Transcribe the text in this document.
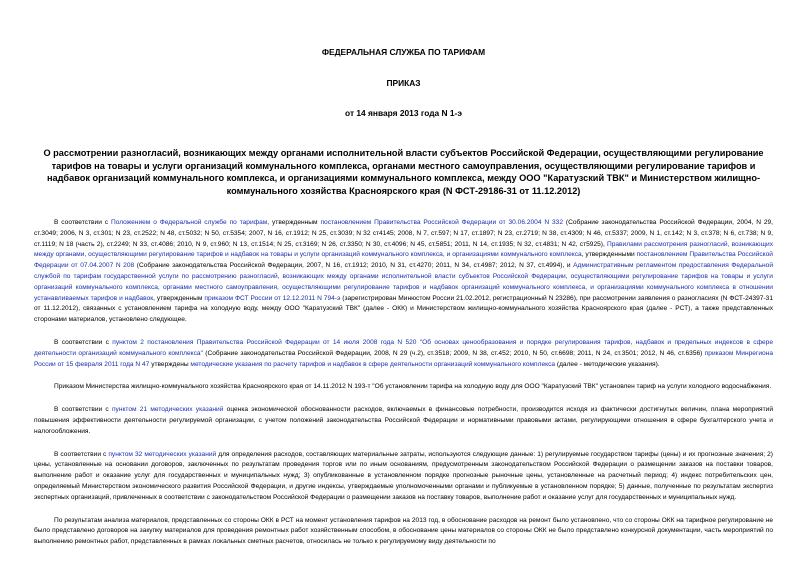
ФЕДЕРАЛЬНАЯ СЛУЖБА ПО ТАРИФАМ
ПРИКАЗ
от 14 января 2013 года N 1-э
О рассмотрении разногласий, возникающих между органами исполнительной власти субъектов Российской Федерации, осуществляющими регулирование тарифов на товары и услуги организаций коммунального комплекса, органами местного самоуправления, осуществляющими регулирование тарифов и надбавок организаций коммунального комплекса, и организациями коммунального комплекса, между ООО "Каратузский ТВК" и Министерством жилищно-коммунального хозяйства Красноярского края (N ФСТ-29186-31 от 11.12.2012)

В соответствии с Положением о Федеральной службе по тарифам, утвержденным постановлением Правительства Российской Федерации от 30.06.2004 N 332 (Собрание законодательства Российской Федерации, 2004, N 29, ст.3049; 2006, N 3, ст.301; N 23, ст.2522; N 48, ст.5032; N 50, ст.5354; 2007, N 16, ст.1912; N 25, ст.3039; N 32 ст4145; 2008, N 7, ст.597; N 17, ст.1897; N 23, ст.2719; N 38, ст.4309; N 46, ст.5337; 2009, N 1, ст.142; N 3, ст.378; N 6, ст.738; N 9, ст.1119; N 18 (часть 2), ст.2249; N 33, ст.4086; 2010, N 9, ст.960; N 13, ст.1514; N 25, ст.3169; N 26, ст.3350; N 30, ст.4096; N 45, ст.5851; 2011, N 14, ст.1935; N 32, ст.4831; N 42, ст5925), Правилами рассмотрения разногласий, возникающих между органами, осуществляющими регулирование тарифов и надбавок на товары и услуги организаций коммунального комплекса, и организациями коммунального комплекса, утвержденными постановлением Правительства Российской Федерации от 07.04.2007 N 208 (Собрание законодательства Российской Федерации, 2007, N 16, ст.1912; 2010, N 31, ст.4270; 2011, N 34, ст.4987; 2012, N 37, ст.4994), и Административным регламентом предоставления Федеральной службой по тарифам государственной услуги по рассмотрению разногласий, возникающих между органами исполнительной власти субъектов Российской Федерации, осуществляющими регулирование тарифов на товары и услуги организаций коммунального комплекса, органами местного самоуправления, осуществляющими регулирование тарифов и надбавок организаций коммунального комплекса, и организациями коммунального комплекса в отношении устанавливаемых тарифов и надбавок, утвержденным приказом ФСТ России от 12.12.2011 N 794-э (зарегистрирован Минюстом России 21.02.2012, регистрационный N 23286), при рассмотрении заявления о разногласиях (N ФСТ-24397-31 от 11.12.2012), связанных с установлением тарифа на холодную воду, между ООО "Каратузский ТВК" (далее - ОКК) и Министерством жилищно-коммунального хозяйства Красноярского края (далее - РСТ), а также представленных сторонами материалов, установлено следующее.

В соответствии с пунктом 2 постановления Правительства Российской Федерации от 14 июля 2008 года N 520 "Об основах ценообразования и порядке регулирования тарифов, надбавок и предельных индексов в сфере деятельности организаций коммунального комплекса" (Собрание законодательства Российской Федерации, 2008, N 29 (ч.2), ст.3518; 2009, N 38, ст.452; 2010, N 50, ст.6698; 2011, N 24, ст.3501; 2012, N 46, ст.6356) приказом Минрегиона России от 15 февраля 2011 года N 47 утверждены методические указания по расчету тарифов и надбавок в сфере деятельности организаций коммунального комплекса (далее - методические указания).

Приказом Министерства жилищно-коммунального хозяйства Красноярского края от 14.11.2012 N 193-т "Об установлении тарифа на холодную воду для ООО "Каратузский ТВК" установлен тариф на услуги холодного водоснабжения.

В соответствии с пунктом 21 методических указаний оценка экономической обоснованности расходов, включаемых в финансовые потребности, производится исходя из фактически достигнутых величин, плана мероприятий повышения эффективности деятельности регулируемой организации, с учетом положений законодательства Российской Федерации и нормативными правовыми актами, регулирующими отношения в сфере бухгалтерского учета и налогообложения.

В соответствии с пунктом 32 методических указаний для определения расходов, составляющих материальные затраты, используются следующие данные: 1) регулируемые государством тарифы (цены) и их прогнозные значения; 2) цены, установленные на основании договоров, заключенных по результатам проведения торгов или по иным основаниям, предусмотренным законодательством Российской Федерации о размещении заказов на поставки товаров, выполнение работ и оказание услуг для государственных и муниципальных нужд; 3) опубликованные в установленном порядке прогнозные рыночные цены, установленные на расчетный период; 4) индекс потребительских цен, определяемый Министерством экономического развития Российской Федерации, и другие индексы, утверждаемые уполномоченными органами и публикуемые в установленном порядке; 5) данные, полученные по результатам экспертиз экспертных организаций, привлеченных в соответствии с законодательством Российской Федерации о размещении заказов на поставку товаров, выполнение работ и оказание услуг для государственных и муниципальных нужд.

По результатам анализа материалов, представленных со стороны ОКК в РСТ на момент установления тарифов на 2013 год, в обоснование расходов на ремонт было установлено, что со стороны ОКК на тарифное регулирование не было представлено договоров на закупку материалов для проведения ремонтных работ хозяйственным способом, в обоснование цены материалов со стороны ОКК не было представлено конкурсной документации, часть мероприятий по выполнению ремонтных работ, представленных в рамках локальных сметных расчетов, относилась не только к регулируемому виду деятельности по
